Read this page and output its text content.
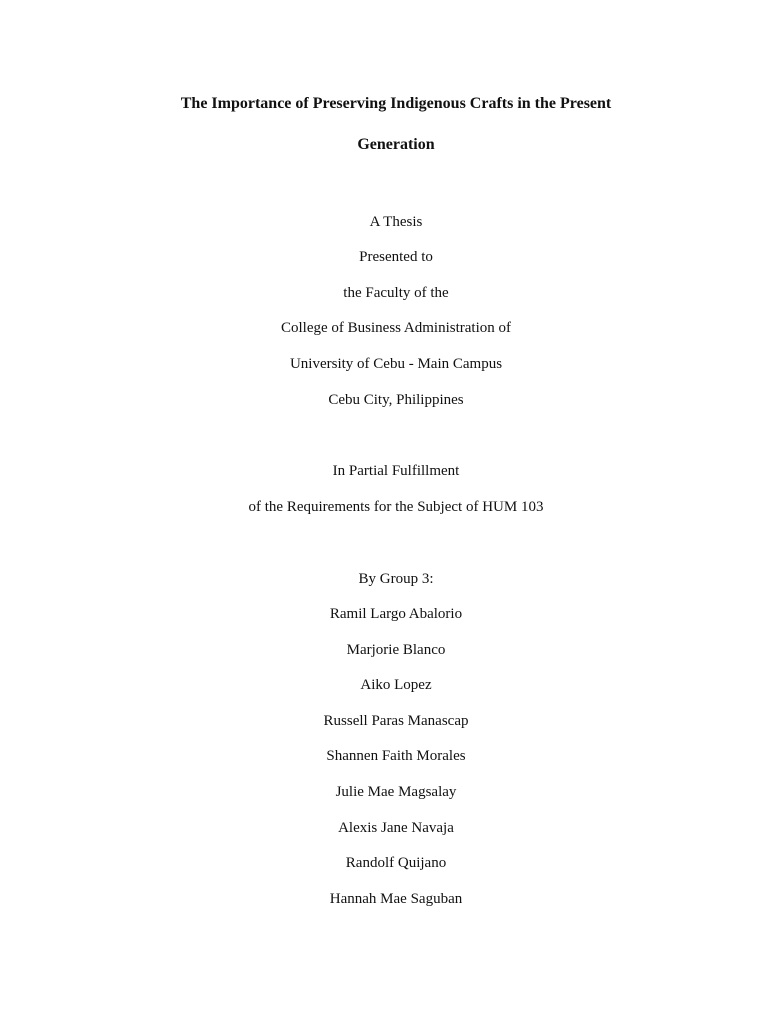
The Importance of Preserving Indigenous Crafts in the Present
Generation
A Thesis
Presented to
the Faculty of the
College of Business Administration of
University of Cebu - Main Campus
Cebu City, Philippines
In Partial Fulfillment
of the Requirements for the Subject of HUM 103
By Group 3:
Ramil Largo Abalorio
Marjorie Blanco
Aiko Lopez
Russell Paras Manascap
Shannen Faith Morales
Julie Mae Magsalay
Alexis Jane Navaja
Randolf Quijano
Hannah Mae Saguban
